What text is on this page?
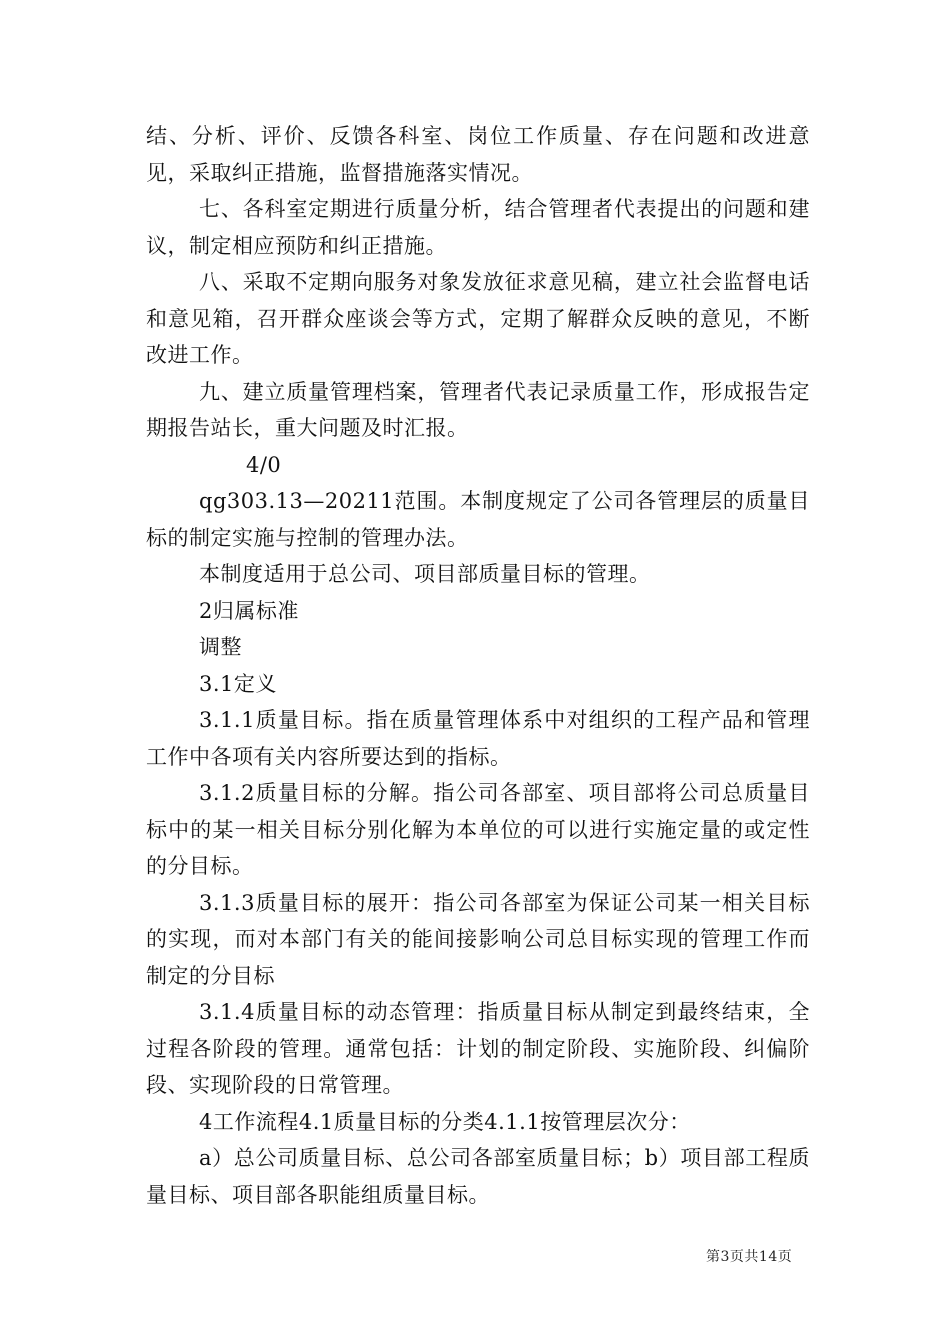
结、分析、评价、反馈各科室、岗位工作质量、存在问题和改进意见，采取纠正措施，监督措施落实情况。

七、各科室定期进行质量分析，结合管理者代表提出的问题和建议，制定相应预防和纠正措施。

八、采取不定期向服务对象发放征求意见稿，建立社会监督电话和意见箱，召开群众座谈会等方式，定期了解群众反映的意见，不断改进工作。

九、建立质量管理档案，管理者代表记录质量工作，形成报告定期报告站长，重大问题及时汇报。

4/0

qg303.13—20211范围。本制度规定了公司各管理层的质量目标的制定实施与控制的管理办法。

本制度适用于总公司、项目部质量目标的管理。

2归属标准

调整

3.1定义

3.1.1质量目标。指在质量管理体系中对组织的工程产品和管理工作中各项有关内容所要达到的指标。

3.1.2质量目标的分解。指公司各部室、项目部将公司总质量目标中的某一相关目标分别化解为本单位的可以进行实施定量的或定性的分目标。

3.1.3质量目标的展开：指公司各部室为保证公司某一相关目标的实现，而对本部门有关的能间接影响公司总目标实现的管理工作而制定的分目标

3.1.4质量目标的动态管理：指质量目标从制定到最终结束，全过程各阶段的管理。通常包括：计划的制定阶段、实施阶段、纠偏阶段、实现阶段的日常管理。

4工作流程4.1质量目标的分类4.1.1按管理层次分：

a）总公司质量目标、总公司各部室质量目标；b）项目部工程质量目标、项目部各职能组质量目标。

第3页共14页
